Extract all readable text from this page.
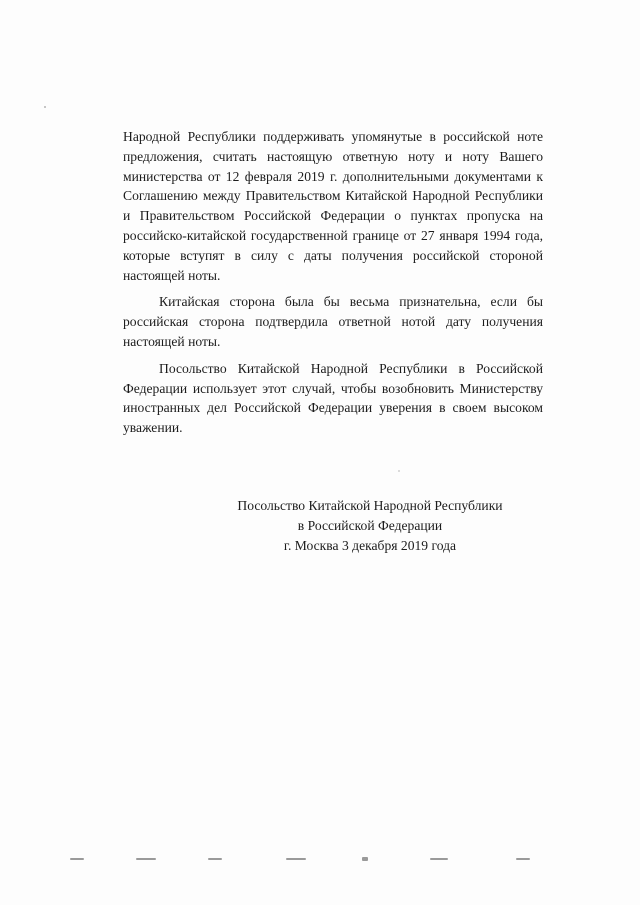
Народной Республики поддерживать упомянутые в российской ноте предложения, считать настоящую ответную ноту и ноту Вашего министерства от 12 февраля 2019 г. дополнительными документами к Соглашению между Правительством Китайской Народной Республики и Правительством Российской Федерации о пунктах пропуска на российско-китайской государственной границе от 27 января 1994 года, которые вступят в силу с даты получения российской стороной настоящей ноты.

Китайская сторона была бы весьма признательна, если бы российская сторона подтвердила ответной нотой дату получения настоящей ноты.

Посольство Китайской Народной Республики в Российской Федерации использует этот случай, чтобы возобновить Министерству иностранных дел Российской Федерации уверения в своем высоком уважении.

Посольство Китайской Народной Республики
в Российской Федерации
г. Москва 3 декабря 2019 года
